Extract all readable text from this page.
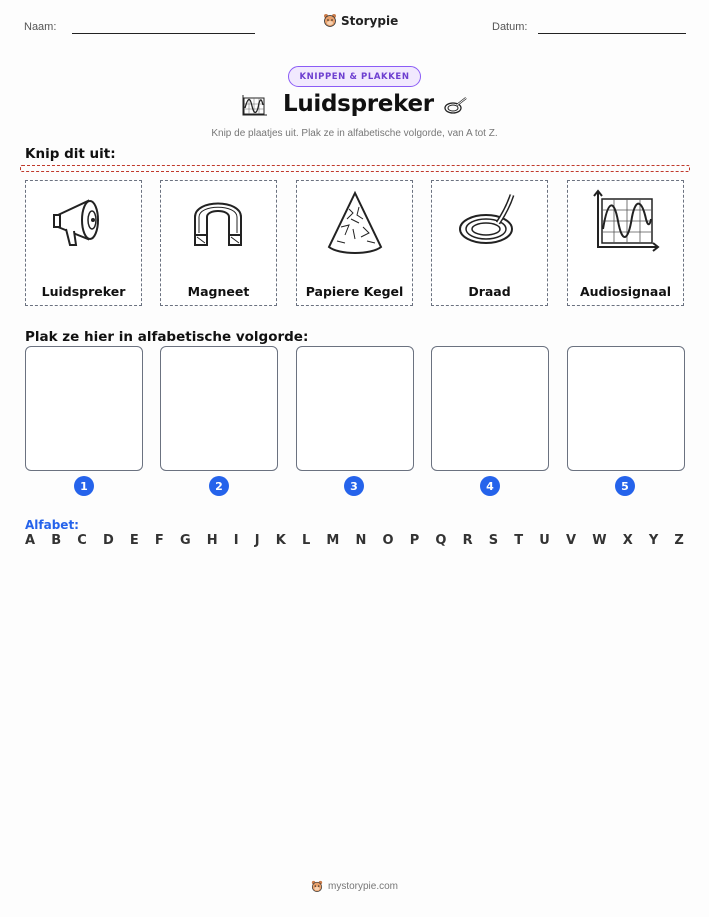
Naam:	Storypie	Datum:
KNIPPEN & PLAKKEN
Luidspreker
Knip de plaatjes uit. Plak ze in alfabetische volgorde, van A tot Z.
Knip dit uit:
Luidspreker	Magneet	Papiere Kegel	Draad	Audiosignaal
Plak ze hier in alfabetische volgorde:
1	2	3	4	5
Alfabet:
A B C D E F G H I J K L M N O P Q R S T U V W X Y Z
mystorypie.com
